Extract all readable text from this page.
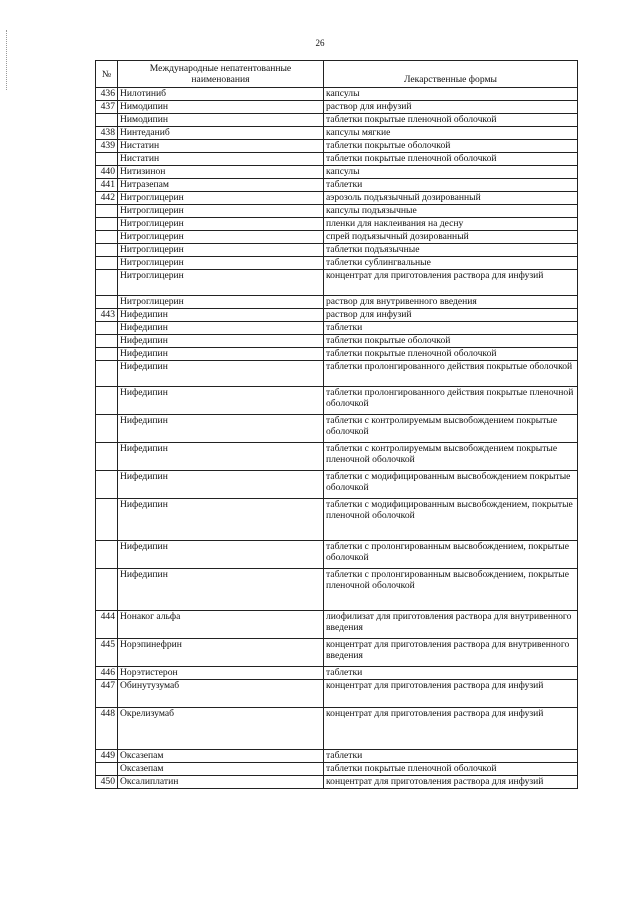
26
№	Международные непатентованные наименования	Лекарственные формы
436	Нилотиниб	капсулы
437	Нимодипин	раствор для инфузий
	Нимодипин	таблетки покрытые пленочной оболочкой
438	Нинтеданиб	капсулы мягкие
439	Нистатин	таблетки покрытые оболочкой
	Нистатин	таблетки покрытые пленочной оболочкой
440	Нитизинон	капсулы
441	Нитразепам	таблетки
442	Нитроглицерин	аэрозоль подъязычный дозированный
	Нитроглицерин	капсулы подъязычные
	Нитроглицерин	пленки для наклеивания на десну
	Нитроглицерин	спрей подъязычный дозированный
	Нитроглицерин	таблетки подъязычные
	Нитроглицерин	таблетки сублингвальные
	Нитроглицерин	концентрат для приготовления раствора для инфузий
	Нитроглицерин	раствор для внутривенного введения
443	Нифедипин	раствор для инфузий
	Нифедипин	таблетки
	Нифедипин	таблетки покрытые оболочкой
	Нифедипин	таблетки покрытые пленочной оболочкой
	Нифедипин	таблетки пролонгированного действия покрытые оболочкой
	Нифедипин	таблетки пролонгированного действия покрытые пленочной оболочкой
	Нифедипин	таблетки с контролируемым высвобождением покрытые оболочкой
	Нифедипин	таблетки с контролируемым высвобождением покрытые пленочной оболочкой
	Нифедипин	таблетки с модифицированным высвобождением покрытые оболочкой
	Нифедипин	таблетки с модифицированным высвобождением, покрытые пленочной оболочкой
	Нифедипин	таблетки с пролонгированным высвобождением, покрытые оболочкой
	Нифедипин	таблетки с пролонгированным высвобождением, покрытые пленочной оболочкой
444	Нонаког альфа	лиофилизат для приготовления раствора для внутривенного введения
445	Норэпинефрин	концентрат для приготовления раствора для внутривенного введения
446	Норэтистерон	таблетки
447	Обинутузумаб	концентрат для приготовления раствора для инфузий
448	Окрелизумаб	концентрат для приготовления раствора для инфузий
449	Оксазепам	таблетки
	Оксазепам	таблетки покрытые пленочной оболочкой
450	Оксалиплатин	концентрат для приготовления раствора для инфузий
